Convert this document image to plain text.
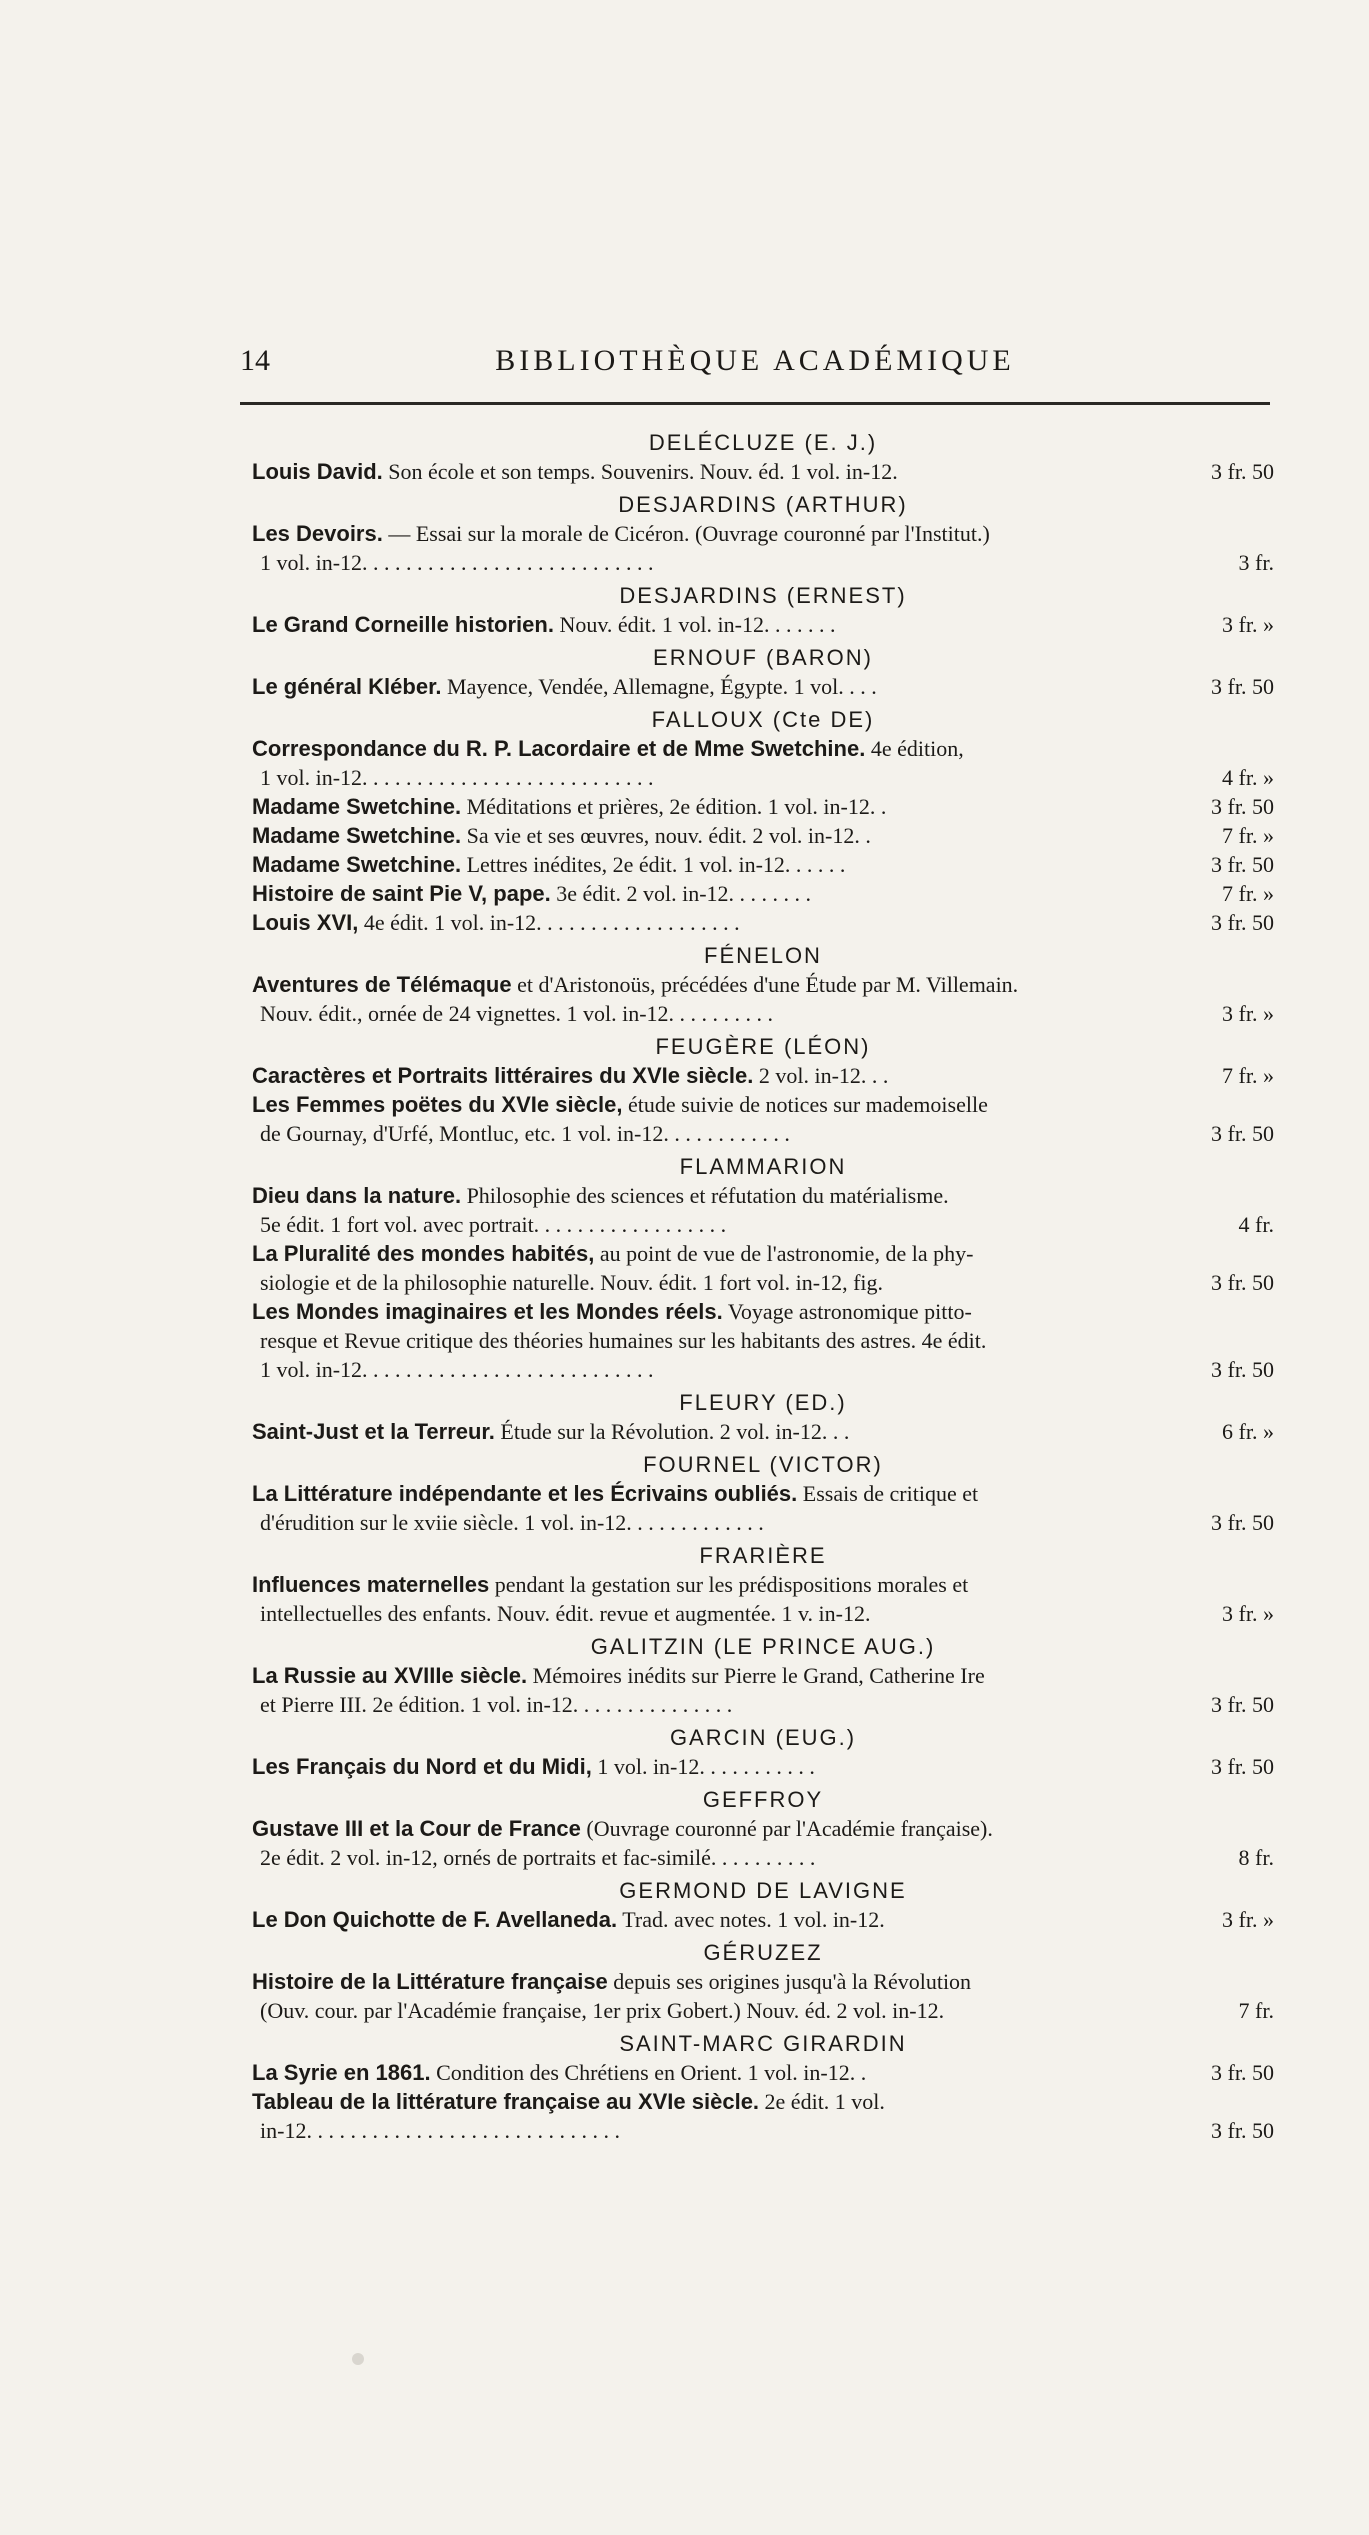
14	BIBLIOTHÈQUE ACADÉMIQUE
DELÉCLUZE (E. J.)
Louis David. Son école et son temps. Souvenirs. Nouv. éd. 1 vol. in-12.	3 fr. 50
DESJARDINS (ARTHUR)
Les Devoirs. — Essai sur la morale de Cicéron. (Ouvrage couronné par l'Institut.)
1 vol. in-12. . . . . . . . . . . . . . . . . . . . . . . . . . .	3 fr.
DESJARDINS (ERNEST)
Le Grand Corneille historien. Nouv. édit. 1 vol. in-12. . . . . . .	3 fr. »
ERNOUF (BARON)
Le général Kléber. Mayence, Vendée, Allemagne, Égypte. 1 vol. . . .	3 fr. 50
FALLOUX (Cte DE)
Correspondance du R. P. Lacordaire et de Mme Swetchine. 4e édition,
1 vol. in-12. . . . . . . . . . . . . . . . . . . . . . . . . . .	4 fr. »
Madame Swetchine. Méditations et prières, 2e édition. 1 vol. in-12. .	3 fr. 50
Madame Swetchine. Sa vie et ses œuvres, nouv. édit. 2 vol. in-12. .	7 fr. »
Madame Swetchine. Lettres inédites, 2e édit. 1 vol. in-12. . . . . .	3 fr. 50
Histoire de saint Pie V, pape. 3e édit. 2 vol. in-12. . . . . . . .	7 fr. »
Louis XVI, 4e édit. 1 vol. in-12. . . . . . . . . . . . . . . . . . .	3 fr. 50
FÉNELON
Aventures de Télémaque et d'Aristonoüs, précédées d'une Étude par M. Villemain.
Nouv. édit., ornée de 24 vignettes. 1 vol. in-12. . . . . . . . . .	3 fr. »
FEUGÈRE (LÉON)
Caractères et Portraits littéraires du XVIe siècle. 2 vol. in-12. . .	7 fr. »
Les Femmes poëtes du XVIe siècle, étude suivie de notices sur mademoiselle
de Gournay, d'Urfé, Montluc, etc. 1 vol. in-12. . . . . . . . . . . .	3 fr. 50
FLAMMARION
Dieu dans la nature. Philosophie des sciences et réfutation du matérialisme.
5e édit. 1 fort vol. avec portrait. . . . . . . . . . . . . . . . . .	4 fr.
La Pluralité des mondes habités, au point de vue de l'astronomie, de la phy-
siologie et de la philosophie naturelle. Nouv. édit. 1 fort vol. in-12, fig.	3 fr. 50
Les Mondes imaginaires et les Mondes réels. Voyage astronomique pitto-
resque et Revue critique des théories humaines sur les habitants des astres. 4e édit.
1 vol. in-12. . . . . . . . . . . . . . . . . . . . . . . . . . .	3 fr. 50
FLEURY (ED.)
Saint-Just et la Terreur. Étude sur la Révolution. 2 vol. in-12. . .	6 fr. »
FOURNEL (VICTOR)
La Littérature indépendante et les Écrivains oubliés. Essais de critique et
d'érudition sur le xviie siècle. 1 vol. in-12. . . . . . . . . . . . .	3 fr. 50
FRARIÈRE
Influences maternelles pendant la gestation sur les prédispositions morales et
intellectuelles des enfants. Nouv. édit. revue et augmentée. 1 v. in-12.	3 fr. »
GALITZIN (LE PRINCE AUG.)
La Russie au XVIIIe siècle. Mémoires inédits sur Pierre le Grand, Catherine Ire
et Pierre III. 2e édition. 1 vol. in-12. . . . . . . . . . . . . . .	3 fr. 50
GARCIN (EUG.)
Les Français du Nord et du Midi, 1 vol. in-12. . . . . . . . . . .	3 fr. 50
GEFFROY
Gustave III et la Cour de France (Ouvrage couronné par l'Académie française).
2e édit. 2 vol. in-12, ornés de portraits et fac-similé. . . . . . . . . .	8 fr.
GERMOND DE LAVIGNE
Le Don Quichotte de F. Avellaneda. Trad. avec notes. 1 vol. in-12.	3 fr. »
GÉRUZEZ
Histoire de la Littérature française depuis ses origines jusqu'à la Révolution
(Ouv. cour. par l'Académie française, 1er prix Gobert.) Nouv. éd. 2 vol. in-12.	7 fr.
SAINT-MARC GIRARDIN
La Syrie en 1861. Condition des Chrétiens en Orient. 1 vol. in-12. .	3 fr. 50
Tableau de la littérature française au XVIe siècle. 2e édit. 1 vol.
in-12. . . . . . . . . . . . . . . . . . . . . . . . . . . . .	3 fr. 50
